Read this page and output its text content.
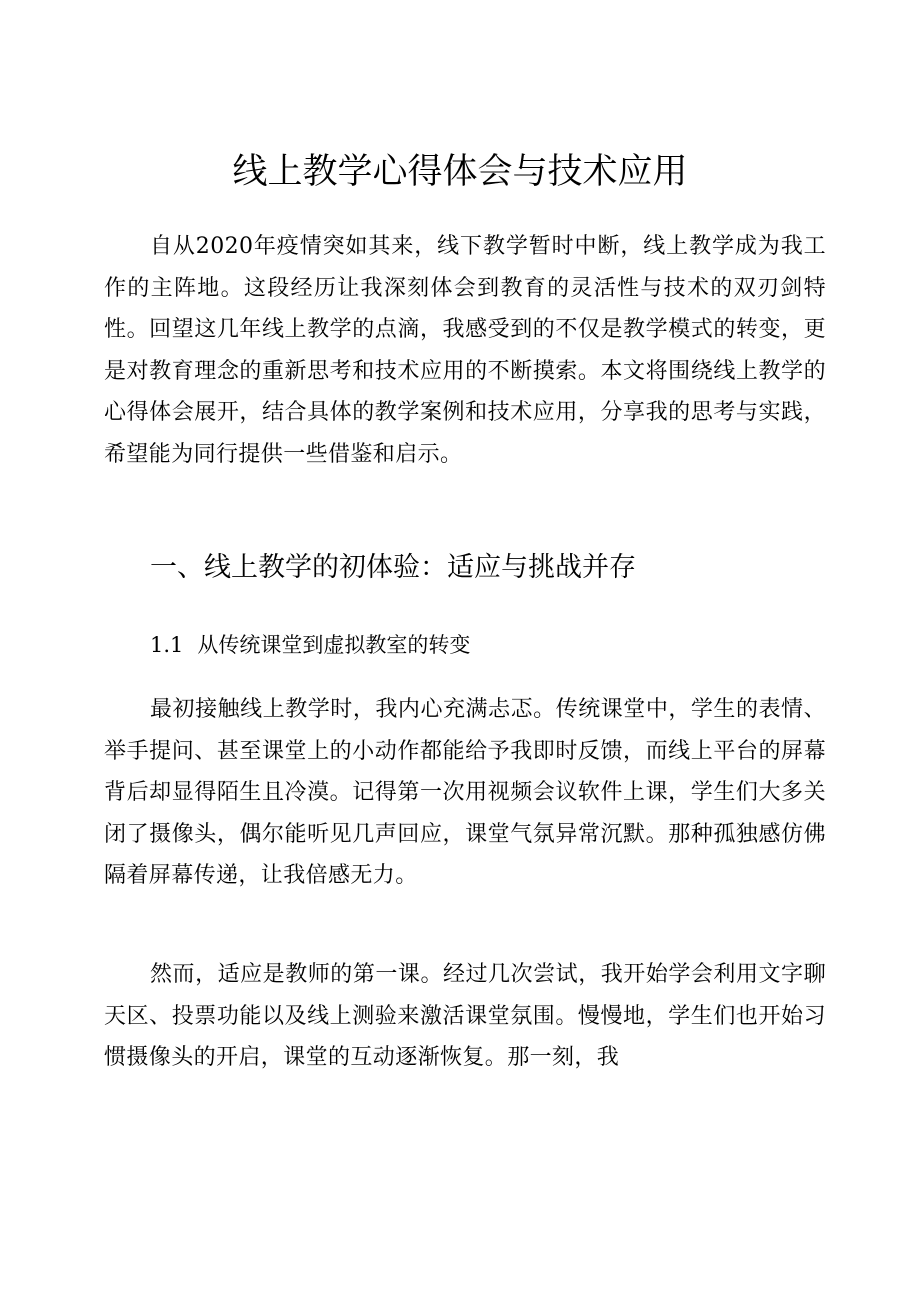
线上教学心得体会与技术应用

自从2020年疫情突如其来，线下教学暂时中断，线上教学成为我工作的主阵地。这段经历让我深刻体会到教育的灵活性与技术的双刃剑特性。回望这几年线上教学的点滴，我感受到的不仅是教学模式的转变，更是对教育理念的重新思考和技术应用的不断摸索。本文将围绕线上教学的心得体会展开，结合具体的教学案例和技术应用，分享我的思考与实践，希望能为同行提供一些借鉴和启示。

一、线上教学的初体验：适应与挑战并存
1.1 从传统课堂到虚拟教室的转变

最初接触线上教学时，我内心充满忐忑。传统课堂中，学生的表情、举手提问、甚至课堂上的小动作都能给予我即时反馈，而线上平台的屏幕背后却显得陌生且冷漠。记得第一次用视频会议软件上课，学生们大多关闭了摄像头，偶尔能听见几声回应，课堂气氛异常沉默。那种孤独感仿佛隔着屏幕传递，让我倍感无力。

然而，适应是教师的第一课。经过几次尝试，我开始学会利用文字聊天区、投票功能以及线上测验来激活课堂氛围。慢慢地，学生们也开始习惯摄像头的开启，课堂的互动逐渐恢复。那一刻，我
